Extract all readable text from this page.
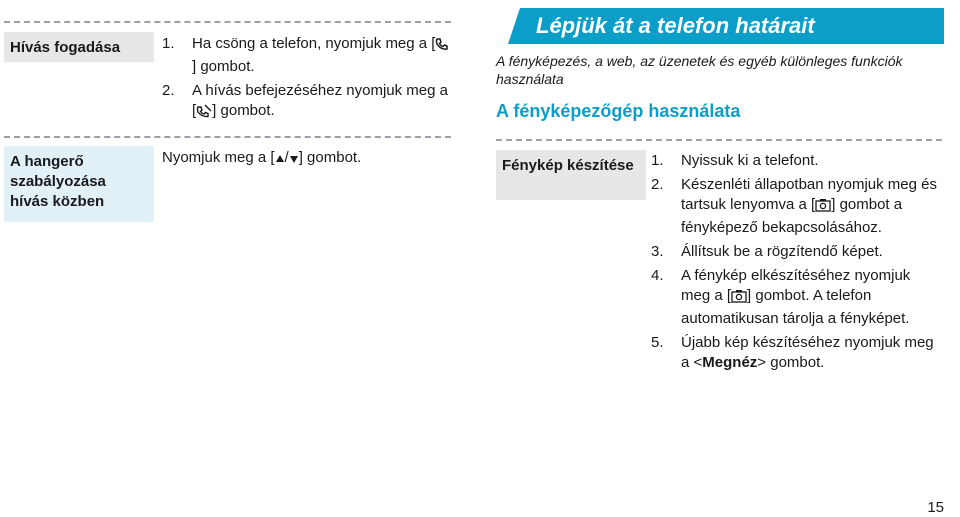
Hívás fogadása	1. Ha csöng a telefon, nyomjuk meg a [] gombot.
2. A hívás befejezéséhez nyomjuk meg a [ ] gombot.
A hangerő szabályozása hívás közben
Nyomjuk meg a [ / ] gombot.
Lépjük át a telefon határait
A fényképezés, a web, az üzenetek és egyéb különleges funkciók használata
A fényképezőgép használata
Fénykép készítése	1. Nyissuk ki a telefont.
2. Készenléti állapotban nyomjuk meg és tartsuk lenyomva a [ ] gombot a fényképező bekapcsolásához.
3. Állítsuk be a rögzítendő képet.
4. A fénykép elkészítéséhez nyomjuk meg a [ ] gombot. A telefon automatikusan tárolja a fényképet.
5. Újabb kép készítéséhez nyomjuk meg a <Megnéz> gombot.
15
